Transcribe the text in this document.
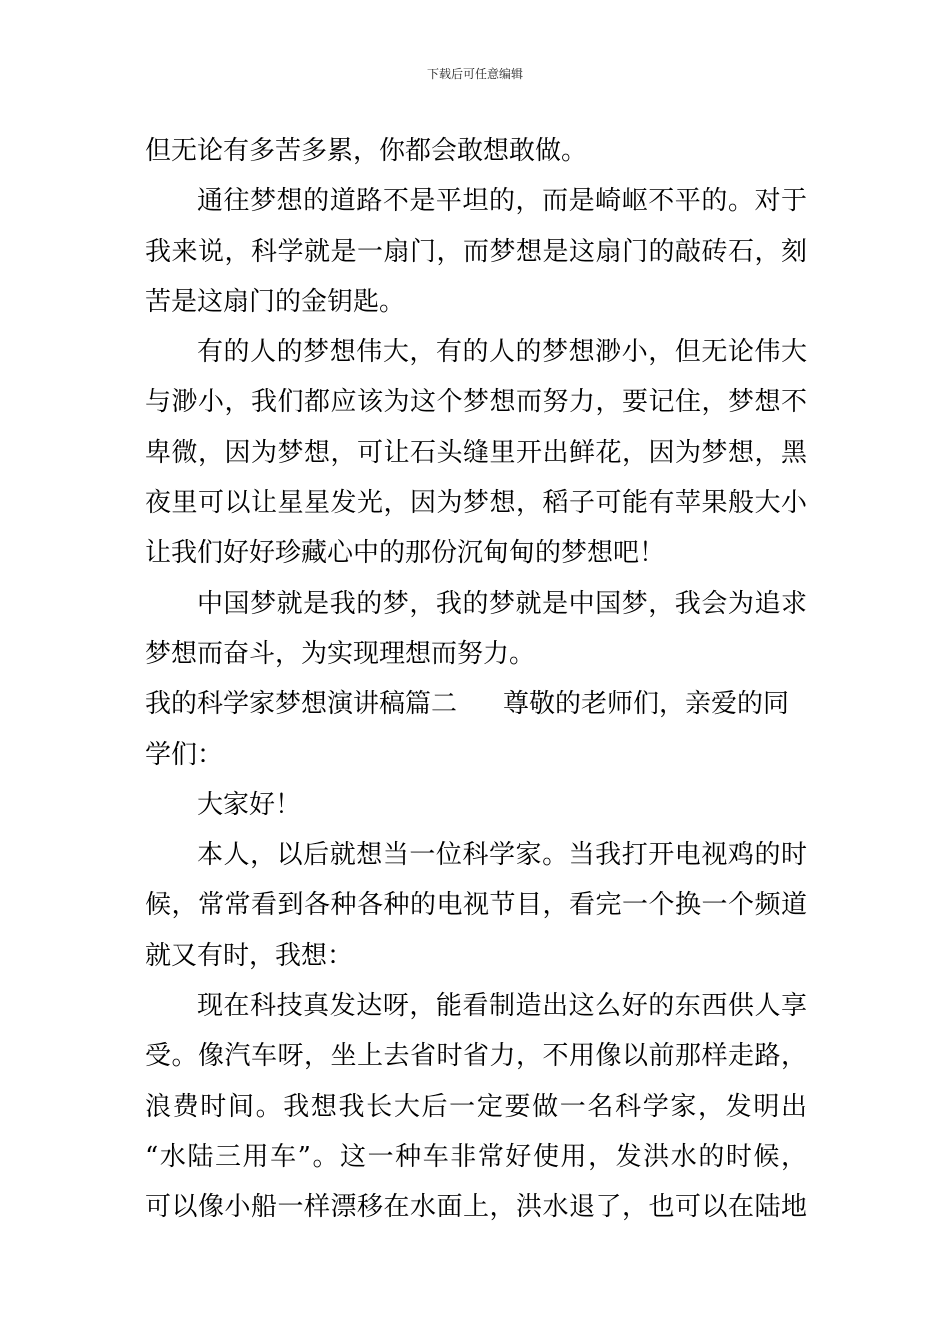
下载后可任意编辑
但无论有多苦多累，你都会敢想敢做。
通往梦想的道路不是平坦的，而是崎岖不平的。对于
我来说，科学就是一扇门，而梦想是这扇门的敲砖石，刻
苦是这扇门的金钥匙。
有的人的梦想伟大，有的人的梦想渺小，但无论伟大
与渺小，我们都应该为这个梦想而努力，要记住，梦想不
卑微，因为梦想，可让石头缝里开出鲜花，因为梦想，黑
夜里可以让星星发光，因为梦想，稻子可能有苹果般大小
让我们好好珍藏心中的那份沉甸甸的梦想吧！
中国梦就是我的梦，我的梦就是中国梦，我会为追求
梦想而奋斗，为实现理想而努力。
我的科学家梦想演讲稿篇二 尊敬的老师们，亲爱的同
学们：
大家好！
本人，以后就想当一位科学家。当我打开电视鸡的时
候，常常看到各种各种的电视节目，看完一个换一个频道
就又有时，我想：
现在科技真发达呀，能看制造出这么好的东西供人享
受。像汽车呀，坐上去省时省力，不用像以前那样走路，
浪费时间。我想我长大后一定要做一名科学家，发明出
“水陆三用车”。这一种车非常好使用，发洪水的时候，
可以像小船一样漂移在水面上，洪水退了，也可以在陆地
